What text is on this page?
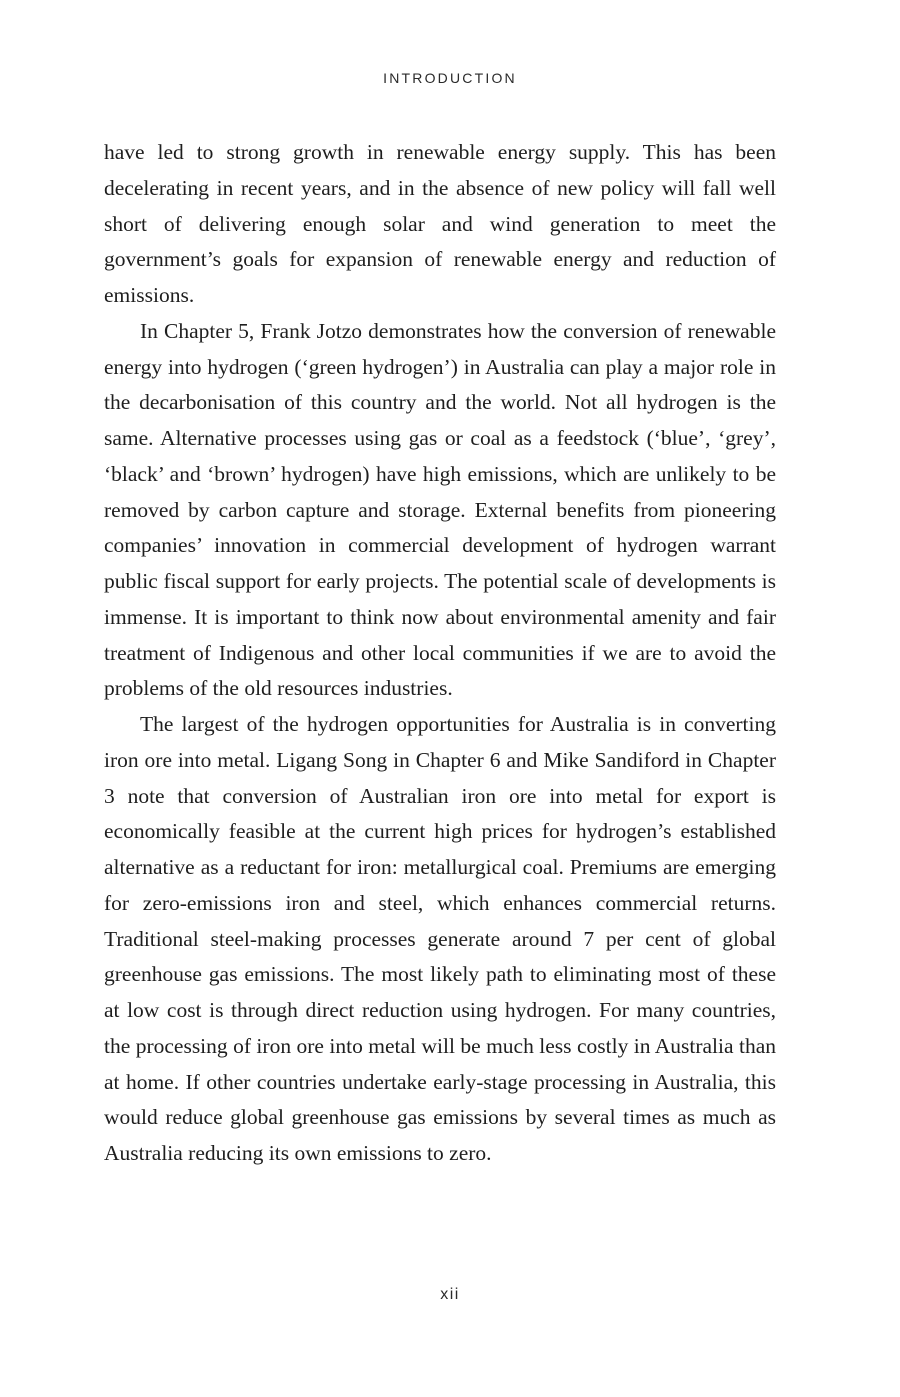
INTRODUCTION

have led to strong growth in renewable energy supply. This has been decelerating in recent years, and in the absence of new policy will fall well short of delivering enough solar and wind generation to meet the government’s goals for expansion of renewable energy and reduction of emissions.

In Chapter 5, Frank Jotzo demonstrates how the conversion of renewable energy into hydrogen (‘green hydrogen’) in Australia can play a major role in the decarbonisation of this country and the world. Not all hydrogen is the same. Alternative processes using gas or coal as a feedstock (‘blue’, ‘grey’, ‘black’ and ‘brown’ hydrogen) have high emissions, which are unlikely to be removed by carbon capture and storage. External benefits from pioneering companies’ innovation in commercial development of hydrogen warrant public fiscal support for early projects. The potential scale of developments is immense. It is important to think now about environmental amenity and fair treatment of Indigenous and other local communities if we are to avoid the problems of the old resources industries.

The largest of the hydrogen opportunities for Australia is in converting iron ore into metal. Ligang Song in Chapter 6 and Mike Sandiford in Chapter 3 note that conversion of Australian iron ore into metal for export is economically feasible at the current high prices for hydrogen’s established alternative as a reductant for iron: metallurgical coal. Premiums are emerging for zero-emissions iron and steel, which enhances commercial returns. Traditional steel-making processes generate around 7 per cent of global greenhouse gas emissions. The most likely path to eliminating most of these at low cost is through direct reduction using hydrogen. For many countries, the processing of iron ore into metal will be much less costly in Australia than at home. If other countries undertake early-stage processing in Australia, this would reduce global greenhouse gas emissions by several times as much as Australia reducing its own emissions to zero.

xii
